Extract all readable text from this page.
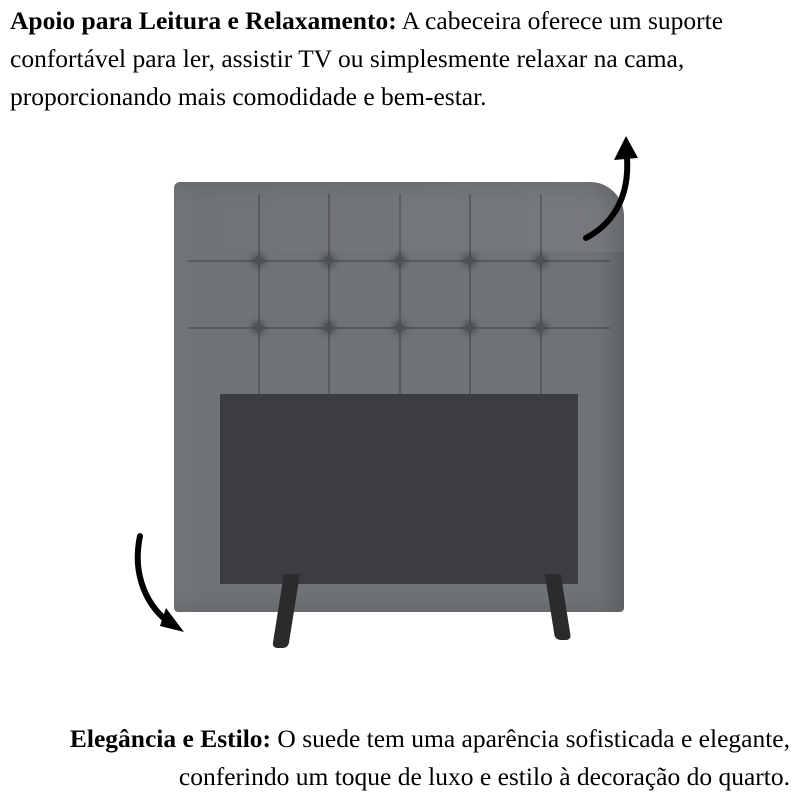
Apoio para Leitura e Relaxamento: A cabeceira oferece um suporte confortável para ler, assistir TV ou simplesmente relaxar na cama, proporcionando mais comodidade e bem-estar.
Elegância e Estilo: O suede tem uma aparência sofisticada e elegante, conferindo um toque de luxo e estilo à decoração do quarto.
